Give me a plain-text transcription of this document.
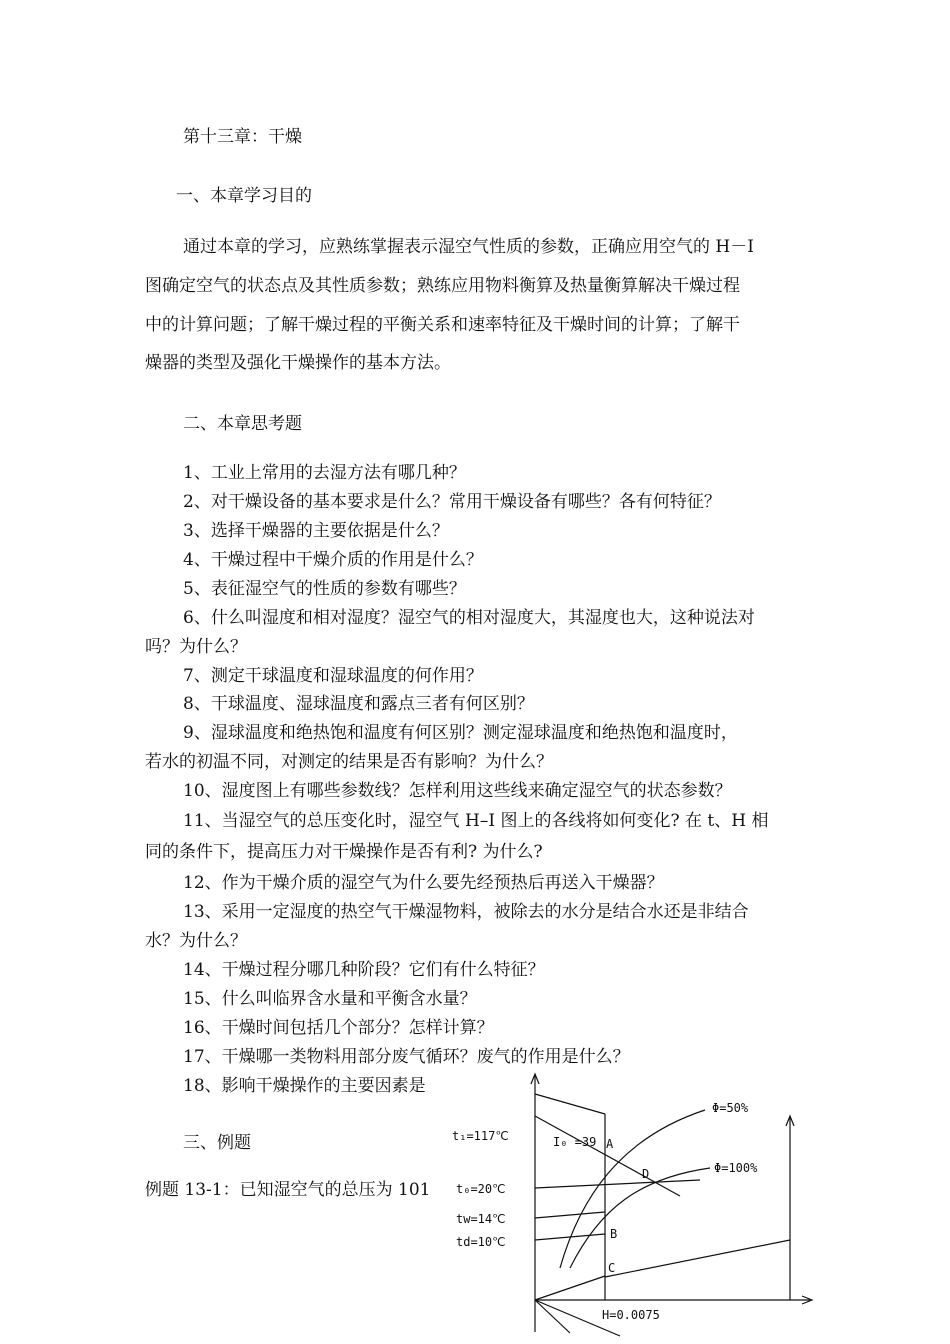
第十三章：干燥
一、本章学习目的
通过本章的学习，应熟练掌握表示湿空气性质的参数，正确应用空气的 H－I
图确定空气的状态点及其性质参数；熟练应用物料衡算及热量衡算解决干燥过程
中的计算问题；了解干燥过程的平衡关系和速率特征及干燥时间的计算；了解干
燥器的类型及强化干燥操作的基本方法。
二、本章思考题
1、工业上常用的去湿方法有哪几种？
2、对干燥设备的基本要求是什么？常用干燥设备有哪些？各有何特征？
3、选择干燥器的主要依据是什么？
4、干燥过程中干燥介质的作用是什么？
5、表征湿空气的性质的参数有哪些？
6、什么叫湿度和相对湿度？湿空气的相对湿度大，其湿度也大，这种说法对
吗？为什么？
7、测定干球温度和湿球温度的何作用？
8、干球温度、湿球温度和露点三者有何区别？
9、湿球温度和绝热饱和温度有何区别？测定湿球温度和绝热饱和温度时，
若水的初温不同，对测定的结果是否有影响？为什么？
10、湿度图上有哪些参数线？怎样利用这些线来确定湿空气的状态参数？
11、当湿空气的总压变化时，湿空气 H–I 图上的各线将如何变化? 在 t、H 相
同的条件下，提高压力对干燥操作是否有利? 为什么?
12、作为干燥介质的湿空气为什么要先经预热后再送入干燥器？
13、采用一定湿度的热空气干燥湿物料，被除去的水分是结合水还是非结合
水？为什么？
14、干燥过程分哪几种阶段？它们有什么特征？
15、什么叫临界含水量和平衡含水量？
16、干燥时间包括几个部分？怎样计算？
17、干燥哪一类物料用部分废气循环？废气的作用是什么？
18、影响干燥操作的主要因素是
三、例题
例题 13-1：已知湿空气的总压为 101
t₁=117℃	I₀ =39 A
D
t₀=20℃
tw=14℃
B
td=10℃
C
H=0.0075
Φ=50%
Φ=100%
